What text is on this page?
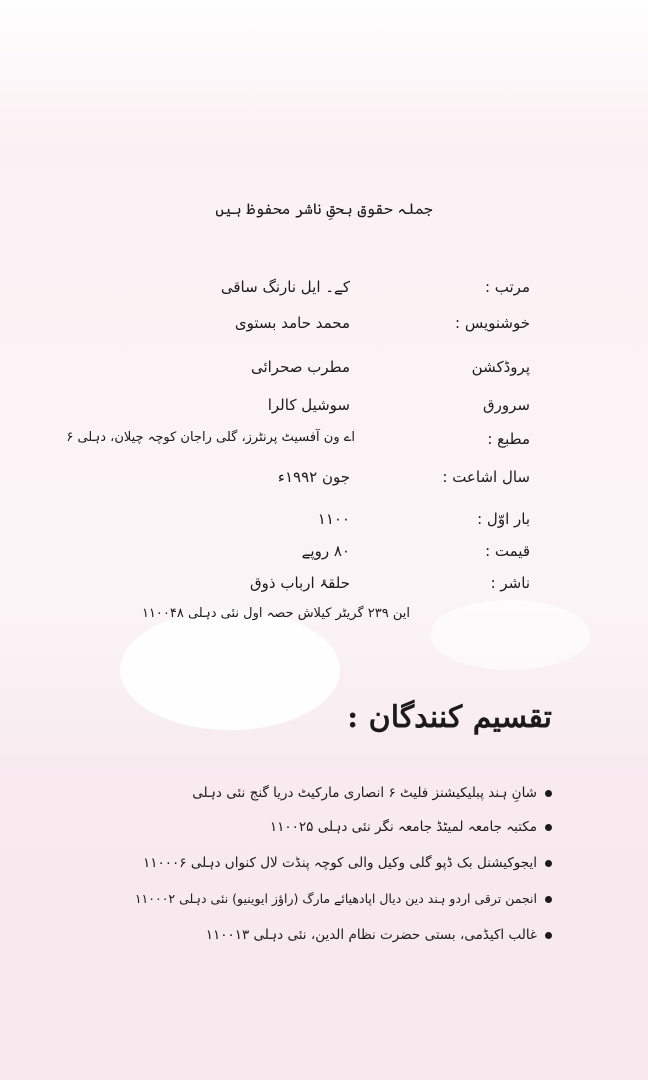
جملہ حقوق بحقِ ناشر محفوظ ہیں
مرتب :
کے۔ ایل نارنگ ساقی
خوشنویس :
محمد حامد بستوی
پروڈکشن
مطرب صحرائی
سرورق
سوشیل کالرا
مطبع :
اے ون آفسیٹ پرنٹرز، گلی راجان کوچہ چیلان، دہلی ۶
سال اشاعت :
جون ۱۹۹۲ء
بار اوّل :
۱۱۰۰
قیمت :
۸۰ روپے
ناشر :
حلقۂ ارباب ذوق
این ۲۳۹ گریٹر کیلاش حصہ اول نئی دہلی ۱۱۰۰۴۸
تقسیم کنندگان :
شانِ ہند پبلیکیشنز فلیٹ ۶ انصاری مارکیٹ دریا گنج نئی دہلی
مکتبہ جامعہ لمیٹڈ جامعہ نگر نئی دہلی ۱۱۰۰۲۵
ایجوکیشنل بک ڈپو گلی وکیل والی کوچہ پنڈت لال کنواں دہلی ۱۱۰۰۰۶
انجمن ترقی اردو ہند دین دیال اپادھیائے مارگ (راؤز ایوینیو) نئی دہلی ۱۱۰۰۰۲
غالب اکیڈمی، بستی حضرت نظام الدین، نئی دہلی ۱۱۰۰۱۳
